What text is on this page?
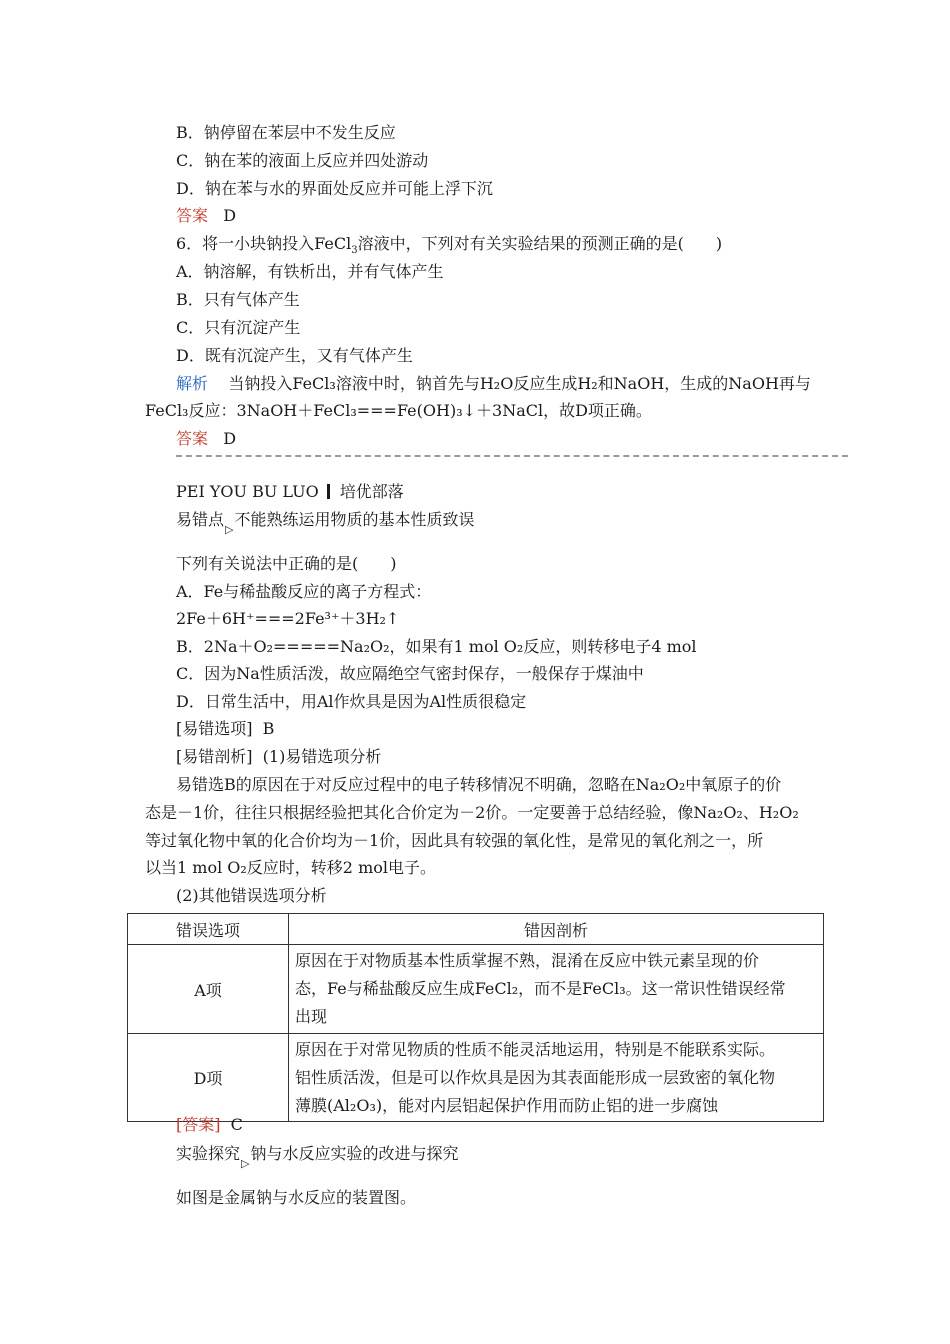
B．钠停留在苯层中不发生反应
C．钠在苯的液面上反应并四处游动
D．钠在苯与水的界面处反应并可能上浮下沉
答案 D
6．将一小块钠投入FeCl$_3$溶液中，下列对有关实验结果的预测正确的是(　　)
A．钠溶解，有铁析出，并有气体产生
B．只有气体产生
C．只有沉淀产生
D．既有沉淀产生，又有气体产生
解析 当钠投入FeCl₃溶液中时，钠首先与H₂O反应生成H₂和NaOH，生成的NaOH再与
FeCl₃反应：3NaOH＋FeCl₃===Fe(OH)₃↓＋3NaCl，故D项正确。
答案 D
PEI YOU BU LUO 培优部落
易错点▷不能熟练运用物质的基本性质致误
下列有关说法中正确的是(　　)
A．Fe与稀盐酸反应的离子方程式：
2Fe＋6H⁺===2Fe³⁺＋3H₂↑
B．2Na＋O₂=====Na₂O₂，如果有1 mol O₂反应，则转移电子4 mol
C．因为Na性质活泼，故应隔绝空气密封保存，一般保存于煤油中
D．日常生活中，用Al作炊具是因为Al性质很稳定
[易错选项] B
[易错剖析] (1)易错选项分析
易错选B的原因在于对反应过程中的电子转移情况不明确，忽略在Na₂O₂中氧原子的价
态是－1价，往往只根据经验把其化合价定为－2价。一定要善于总结经验，像Na₂O₂、H₂O₂
等过氧化物中氧的化合价均为－1价，因此具有较强的氧化性，是常见的氧化剂之一，所
以当1 mol O₂反应时，转移2 mol电子。
(2)其他错误选项分析
错误选项	错因剖析
A项	原因在于对物质基本性质掌握不熟，混淆在反应中铁元素呈现的价
态，Fe与稀盐酸反应生成FeCl₂，而不是FeCl₃。这一常识性错误经常
出现

D项	原因在于对常见物质的性质不能灵活地运用，特别是不能联系实际。
铝性质活泼，但是可以作炊具是因为其表面能形成一层致密的氧化物
薄膜(Al₂O₃)，能对内层铝起保护作用而防止铝的进一步腐蚀
[答案] C
实验探究▷钠与水反应实验的改进与探究
如图是金属钠与水反应的装置图。
